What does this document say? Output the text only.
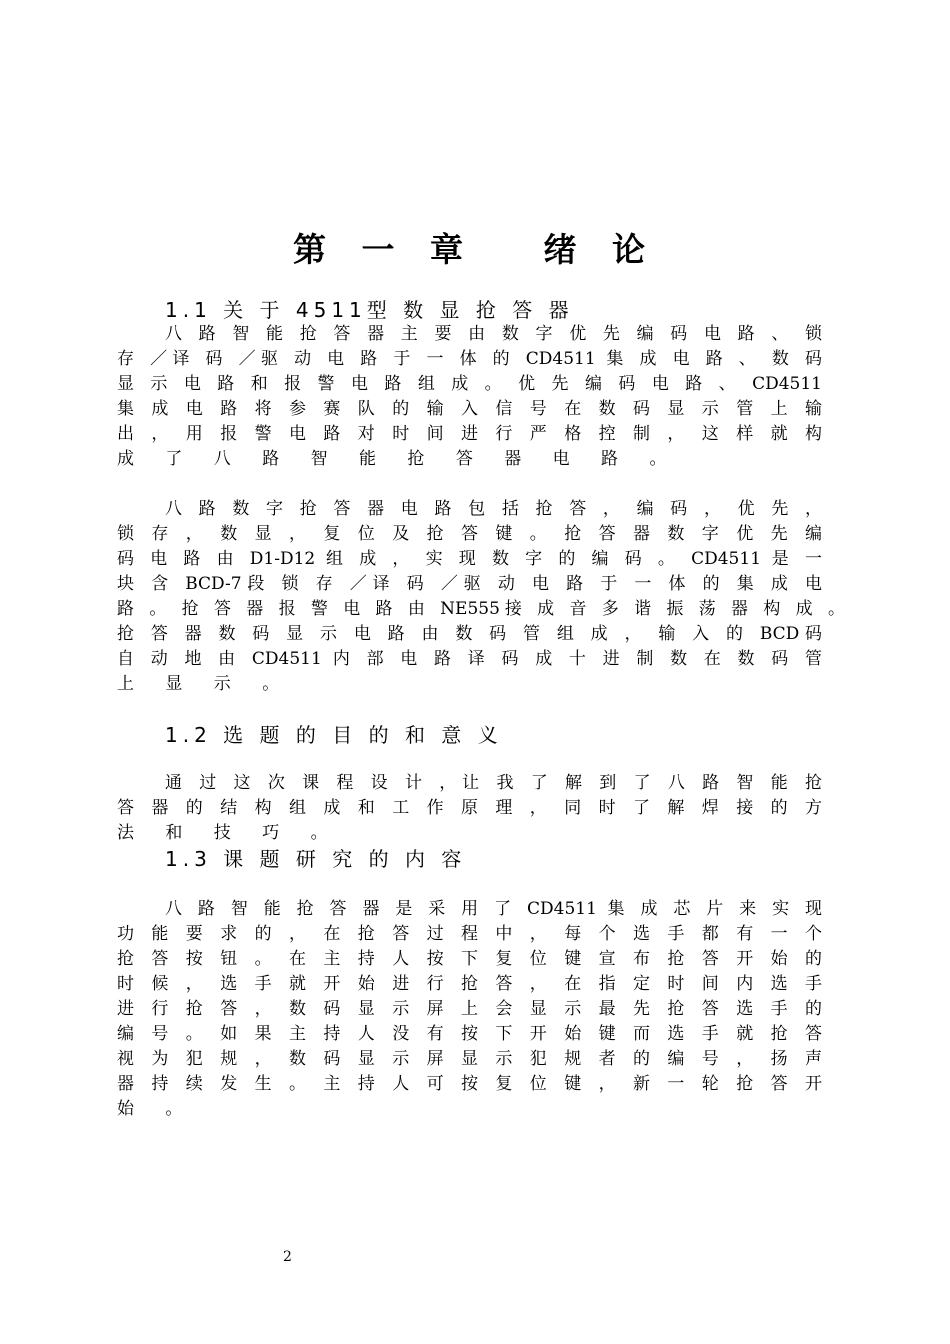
第 一 章　 绪 论
1.1 关 于 4511型 数 显 抢 答 器
八 路 智 能 抢 答 器 主 要 由 数 字 优 先 编 码 电 路 、 锁
存 ／译 码 ／驱 动 电 路 于 一 体 的 CD4511 集 成 电 路 、 数 码
显 示 电 路 和 报 警 电 路 组 成 。 优 先 编 码 电 路 、 CD4511
集 成 电 路 将 参 赛 队 的 输 入 信 号 在 数 码 显 示 管 上 输
出 ， 用 报 警 电 路 对 时 间 进 行 严 格 控 制 ， 这 样 就 构
成 了 八 路 智 能 抢 答 器 电 路 。
八 路 数 字 抢 答 器 电 路 包 括 抢 答 ， 编 码 ， 优 先 ，
锁 存 ， 数 显 ， 复 位 及 抢 答 键 。 抢 答 器 数 字 优 先 编
码 电 路 由 D1-D12 组 成 ， 实 现 数 字 的 编 码 。 CD4511 是 一
块 含 BCD-7段 锁 存 ／译 码 ／驱 动 电 路 于 一 体 的 集 成 电
路 。 抢 答 器 报 警 电 路 由 NE555接 成 音 多 谐 振 荡 器 构 成 。
抢 答 器 数 码 显 示 电 路 由 数 码 管 组 成 ， 输 入 的 BCD码
自 动 地 由 CD4511 内 部 电 路 译 码 成 十 进 制 数 在 数 码 管
上 显 示 。
1.2 选 题 的 目 的 和 意 义
通 过 这 次 课 程 设 计 ，让 我 了 解 到 了 八 路 智 能 抢
答 器 的 结 构 组 成 和 工 作 原 理 ， 同 时 了 解 焊 接 的 方
法 和 技 巧 。
1.3 课 题 研 究 的 内 容
八 路 智 能 抢 答 器 是 采 用 了 CD4511 集 成 芯 片 来 实 现
功 能 要 求 的 ， 在 抢 答 过 程 中 ， 每 个 选 手 都 有 一 个
抢 答 按 钮 。 在 主 持 人 按 下 复 位 键 宣 布 抢 答 开 始 的
时 候 ， 选 手 就 开 始 进 行 抢 答 ， 在 指 定 时 间 内 选 手
进 行 抢 答 ， 数 码 显 示 屏 上 会 显 示 最 先 抢 答 选 手 的
编 号 。 如 果 主 持 人 没 有 按 下 开 始 键 而 选 手 就 抢 答
视 为 犯 规 ， 数 码 显 示 屏 显 示 犯 规 者 的 编 号 ， 扬 声
器 持 续 发 生 。 主 持 人 可 按 复 位 键 ， 新 一 轮 抢 答 开
始 。
2
